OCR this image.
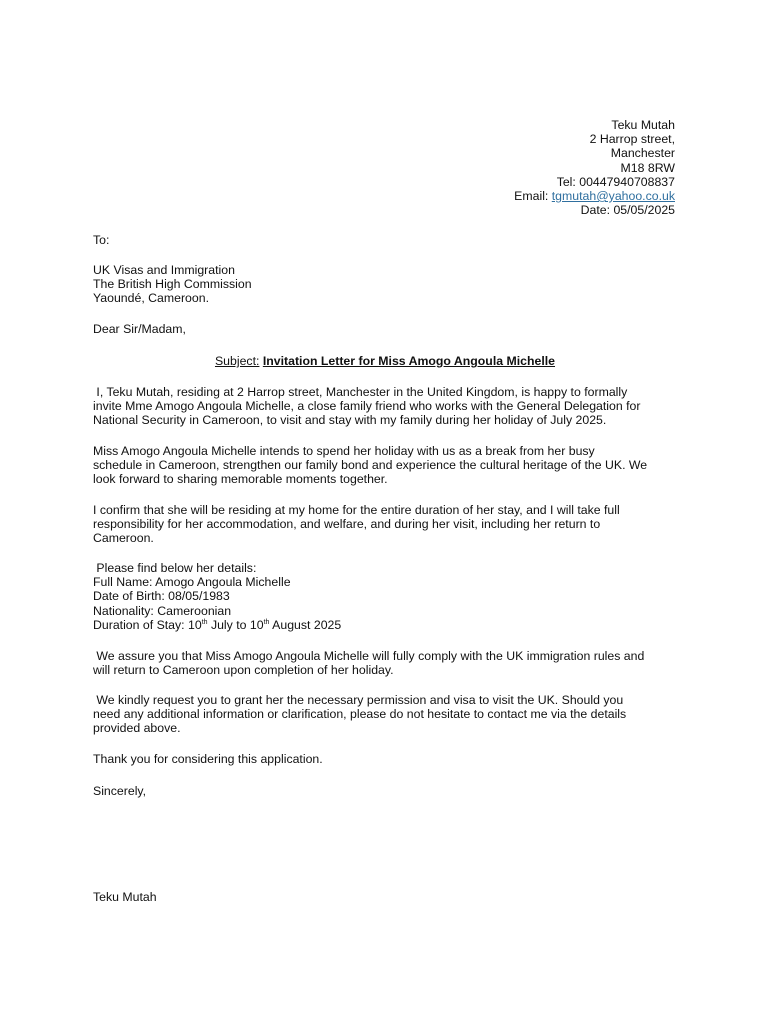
Teku Mutah
2 Harrop street,
Manchester
M18 8RW
Tel: 00447940708837
Email: tgmutah@yahoo.co.uk
Date: 05/05/2025
To:
UK Visas and Immigration
The British High Commission
Yaoundé, Cameroon.
Dear Sir/Madam,
Subject: Invitation Letter for Miss Amogo Angoula Michelle
I, Teku Mutah, residing at 2 Harrop street, Manchester in the United Kingdom, is happy to formally
invite Mme Amogo Angoula Michelle, a close family friend who works with the General Delegation for
National Security in Cameroon, to visit and stay with my family during her holiday of July 2025.
Miss Amogo Angoula Michelle intends to spend her holiday with us as a break from her busy
schedule in Cameroon, strengthen our family bond and experience the cultural heritage of the UK. We
look forward to sharing memorable moments together.
I confirm that she will be residing at my home for the entire duration of her stay, and I will take full
responsibility for her accommodation, and welfare, and during her visit, including her return to
Cameroon.
Please find below her details:
Full Name: Amogo Angoula Michelle
Date of Birth: 08/05/1983
Nationality: Cameroonian
Duration of Stay: 10th July to 10th August 2025
We assure you that Miss Amogo Angoula Michelle will fully comply with the UK immigration rules and
will return to Cameroon upon completion of her holiday.
We kindly request you to grant her the necessary permission and visa to visit the UK. Should you
need any additional information or clarification, please do not hesitate to contact me via the details
provided above.
Thank you for considering this application.
Sincerely,
Teku Mutah
